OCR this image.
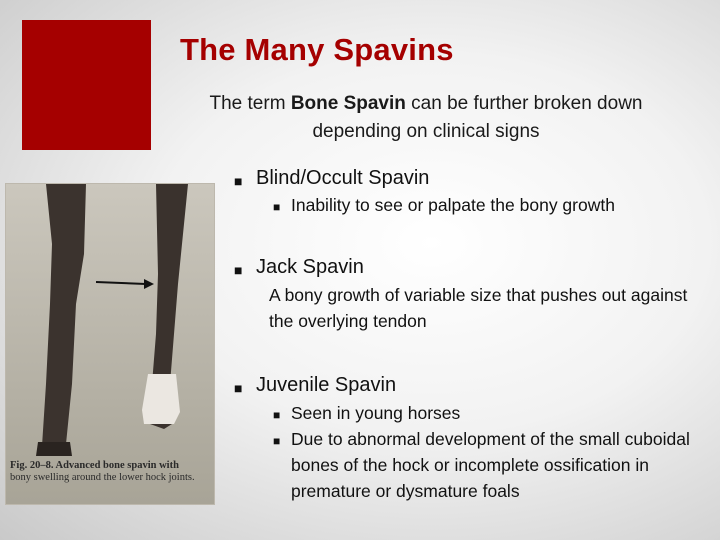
The Many Spavins
The term Bone Spavin can be further broken down depending on clinical signs
Fig. 20–8. Advanced bone spavin with
bony swelling around the lower hock joints.
■ Blind/Occult Spavin
■ Inability to see or palpate the bony growth
■ Jack Spavin
A bony growth of variable size that pushes out against the overlying tendon
■ Juvenile Spavin
■ Seen in young horses
■ Due to abnormal development of the small cuboidal bones of the hock or incomplete ossification in premature or dysmature foals
